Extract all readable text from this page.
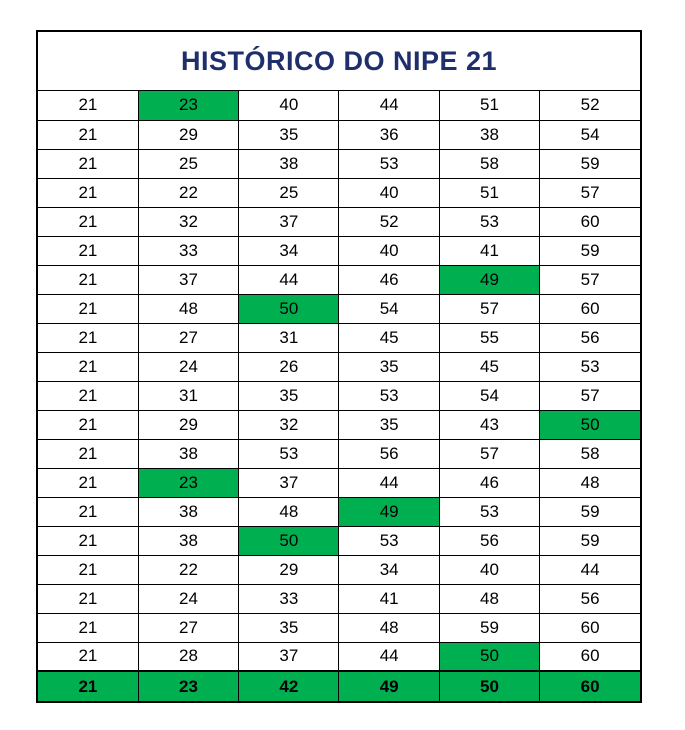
HISTÓRICO DO NIPE 21
21	23	40	44	51	52
21	29	35	36	38	54
21	25	38	53	58	59
21	22	25	40	51	57
21	32	37	52	53	60
21	33	34	40	41	59
21	37	44	46	49	57
21	48	50	54	57	60
21	27	31	45	55	56
21	24	26	35	45	53
21	31	35	53	54	57
21	29	32	35	43	50
21	38	53	56	57	58
21	23	37	44	46	48
21	38	48	49	53	59
21	38	50	53	56	59
21	22	29	34	40	44
21	24	33	41	48	56
21	27	35	48	59	60
21	28	37	44	50	60
21	23	42	49	50	60
